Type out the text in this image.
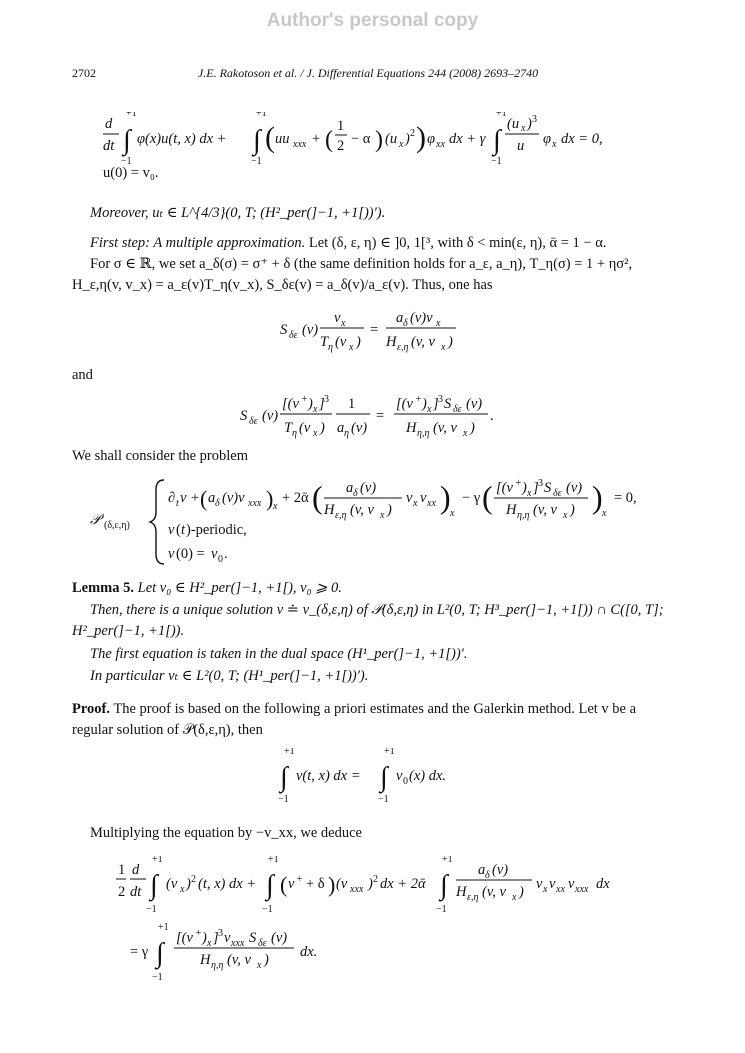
Author's personal copy
2702	J.E. Rakotoson et al. / J. Differential Equations 244 (2008) 2693–2740
d
dt ∫
+1
−1
φ(x)u(t, x) dx + ∫
+1
−1
( uu xxx + (
1
2 − α ) (u x ) 2 ) φ xx dx + γ ∫
+1
−1
(u x ) 3
u φ x dx = 0,
u(0) = v₀.
Moreover, uₜ ∈ L^{4/3}(0, T; (H²_per(]−1, +1[))′).
First step: A multiple approximation. Let (δ, ε, η) ∈ ]0, 1[³, with δ < min(ε, η), ᾱ = 1 − α.
For σ ∈ ℝ, we set a_δ(σ) = σ⁺ + δ (the same definition holds for a_ε, a_η), T_η(σ) = 1 + ησ², H_ε,η(v, v_x) = a_ε(v)T_η(v_x), S_δε(v) = a_δ(v)/a_ε(v). Thus, one has
S δε (v)
v x
T η (v x )
=
a δ (v)v x
H ε,η (v, v x )
and
S δε (v)
[(v + ) x ] 3
T η (v x )
1
a η (v)
=
[(v + ) x ] 3 S δε (v)
H η,η (v, v x )
.
We shall consider the problem
𝒫 (δ,ε,η)
∂ t v + ( a δ (v)v xxx ) x
+ 2ᾱ ( a δ (v)
H ε,η (v, v x )
v x v xx ) x
− γ ( [(v + ) x ] 3 S δε (v)
H η,η (v, v x ) ) x
= 0,
v ( t )-periodic,
v (0) = v 0 .
Lemma 5. Let v₀ ∈ H²_per(]−1, +1[), v₀ ⩾ 0.
Then, there is a unique solution v ≐ v_(δ,ε,η) of 𝒫(δ,ε,η) in L²(0, T; H³_per(]−1, +1[)) ∩ C([0, T]; H²_per(]−1, +1[)).
The first equation is taken in the dual space (H¹_per(]−1, +1[))′.
In particular vₜ ∈ L²(0, T; (H¹_per(]−1, +1[))′).
Proof. The proof is based on the following a priori estimates and the Galerkin method. Let v be a regular solution of 𝒫(δ,ε,η), then
∫
+1
−1
v(t, x) dx = ∫
+1
−1
v 0 (x) dx.
Multiplying the equation by −v_xx, we deduce
1
2
d
dt ∫
+1
−1
(v x ) 2 (t, x) dx + ∫
+1
−1
( v + + δ ) (v xxx ) 2 dx + 2ᾱ ∫
+1
−1
a δ (v)
H ε,η (v, v x ) v x v xx v xxx dx
= γ ∫
+1
−1
[(v + ) x ] 3 v xxx S δε (v)
H η,η (v, v x ) dx.
